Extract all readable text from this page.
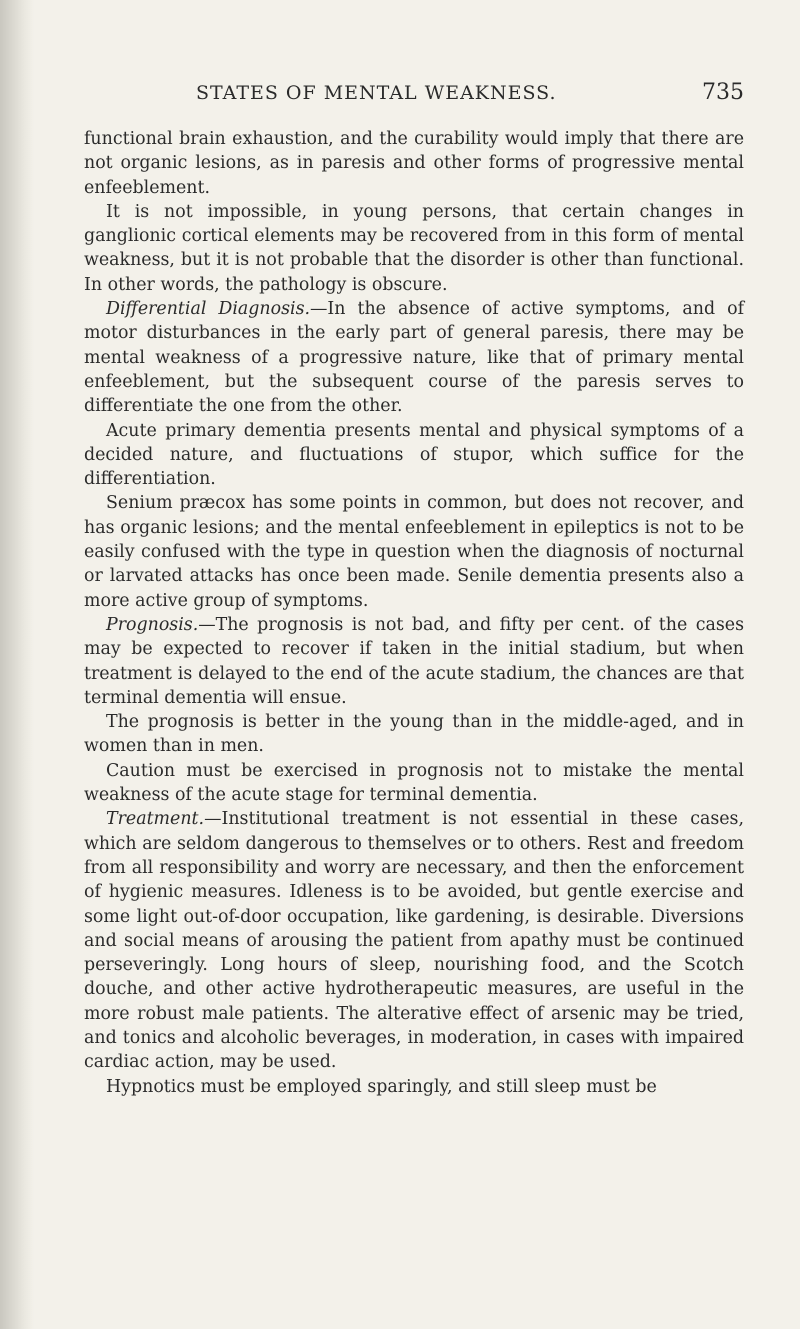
STATES OF MENTAL WEAKNESS.	735

functional brain exhaustion, and the curability would imply that there are not organic lesions, as in paresis and other forms of progressive mental enfeeblement.

It is not impossible, in young persons, that certain changes in ganglionic cortical elements may be recovered from in this form of mental weakness, but it is not probable that the disorder is other than functional. In other words, the pathology is obscure.

Differential Diagnosis.—In the absence of active symptoms, and of motor disturbances in the early part of general paresis, there may be mental weakness of a progressive nature, like that of primary mental enfeeblement, but the subsequent course of the paresis serves to differentiate the one from the other.

Acute primary dementia presents mental and physical symptoms of a decided nature, and fluctuations of stupor, which suffice for the differentiation.

Senium præcox has some points in common, but does not recover, and has organic lesions; and the mental enfeeblement in epileptics is not to be easily confused with the type in question when the diagnosis of nocturnal or larvated attacks has once been made. Senile dementia presents also a more active group of symptoms.

Prognosis.—The prognosis is not bad, and fifty per cent. of the cases may be expected to recover if taken in the initial stadium, but when treatment is delayed to the end of the acute stadium, the chances are that terminal dementia will ensue.

The prognosis is better in the young than in the middle-aged, and in women than in men.

Caution must be exercised in prognosis not to mistake the mental weakness of the acute stage for terminal dementia.

Treatment.—Institutional treatment is not essential in these cases, which are seldom dangerous to themselves or to others. Rest and freedom from all responsibility and worry are necessary, and then the enforcement of hygienic measures. Idleness is to be avoided, but gentle exercise and some light out-of-door occupation, like gardening, is desirable. Diversions and social means of arousing the patient from apathy must be continued perseveringly. Long hours of sleep, nourishing food, and the Scotch douche, and other active hydrotherapeutic measures, are useful in the more robust male patients. The alterative effect of arsenic may be tried, and tonics and alcoholic beverages, in moderation, in cases with impaired cardiac action, may be used.

Hypnotics must be employed sparingly, and still sleep must be
